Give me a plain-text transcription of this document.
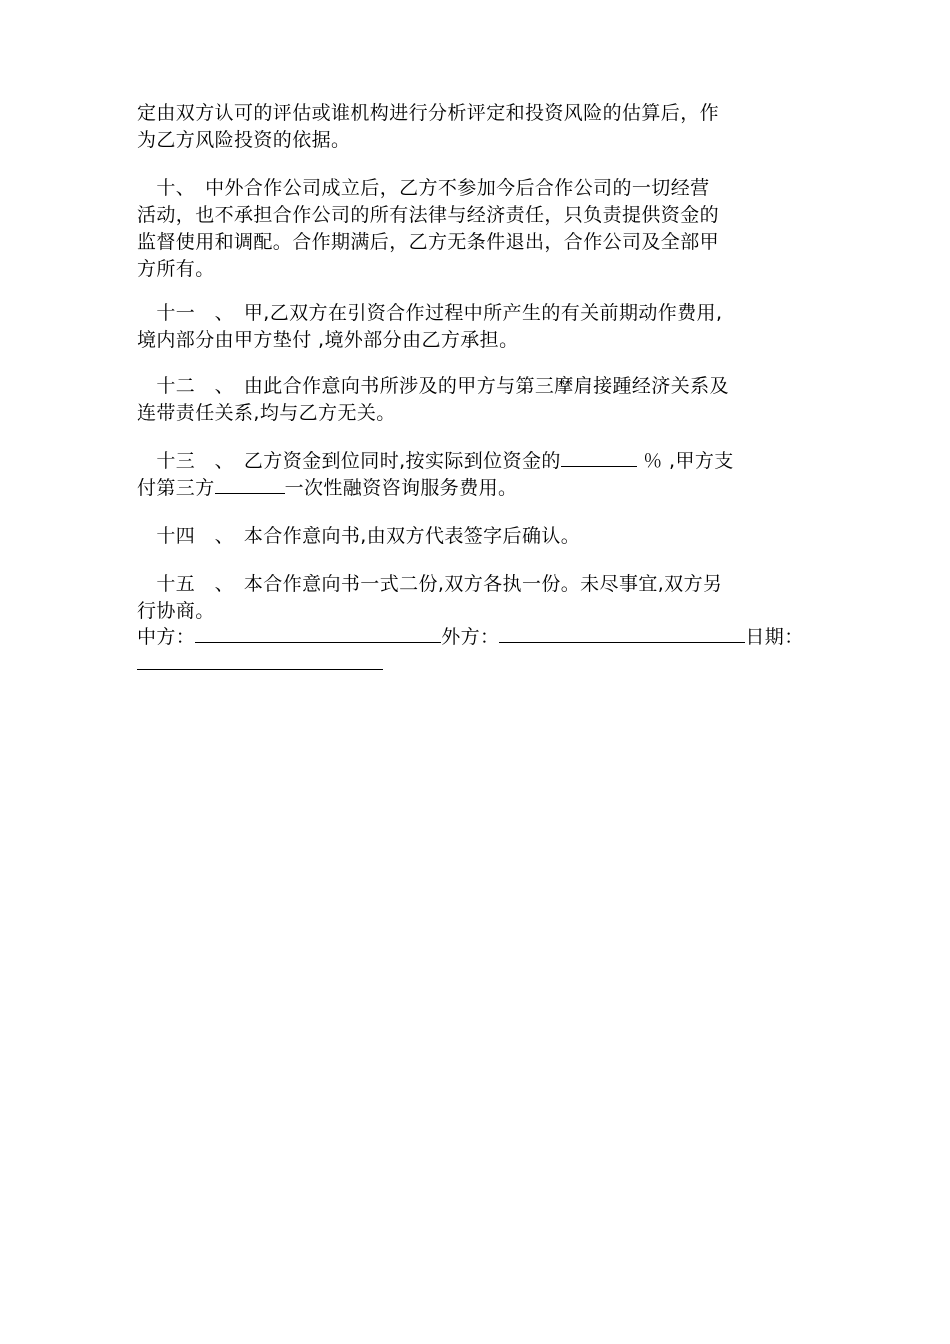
定由双方认可的评估或谁机构进行分析评定和投资风险的估算后，作
为乙方风险投资的依据。
　十、　中外合作公司成立后，乙方不参加今后合作公司的一切经营
活动，也不承担合作公司的所有法律与经济责任，只负责提供资金的
监督使用和调配。合作期满后，乙方无条件退出，合作公司及全部甲
方所有。
　十一　、　甲,乙双方在引资合作过程中所产生的有关前期动作费用,
境内部分由甲方垫付 ,境外部分由乙方承担。
　十二　、　由此合作意向书所涉及的甲方与第三摩肩接踵经济关系及
连带责任关系,均与乙方无关。
　十三　、　乙方资金到位同时,按实际到位资金的	％ ,甲方支
付第三方	一次性融资咨询服务费用。
　十四　、　本合作意向书,由双方代表签字后确认。
　十五　、　本合作意向书一式二份,双方各执一份。未尽事宜,双方另
行协商。
中方：	外方：	日期：
